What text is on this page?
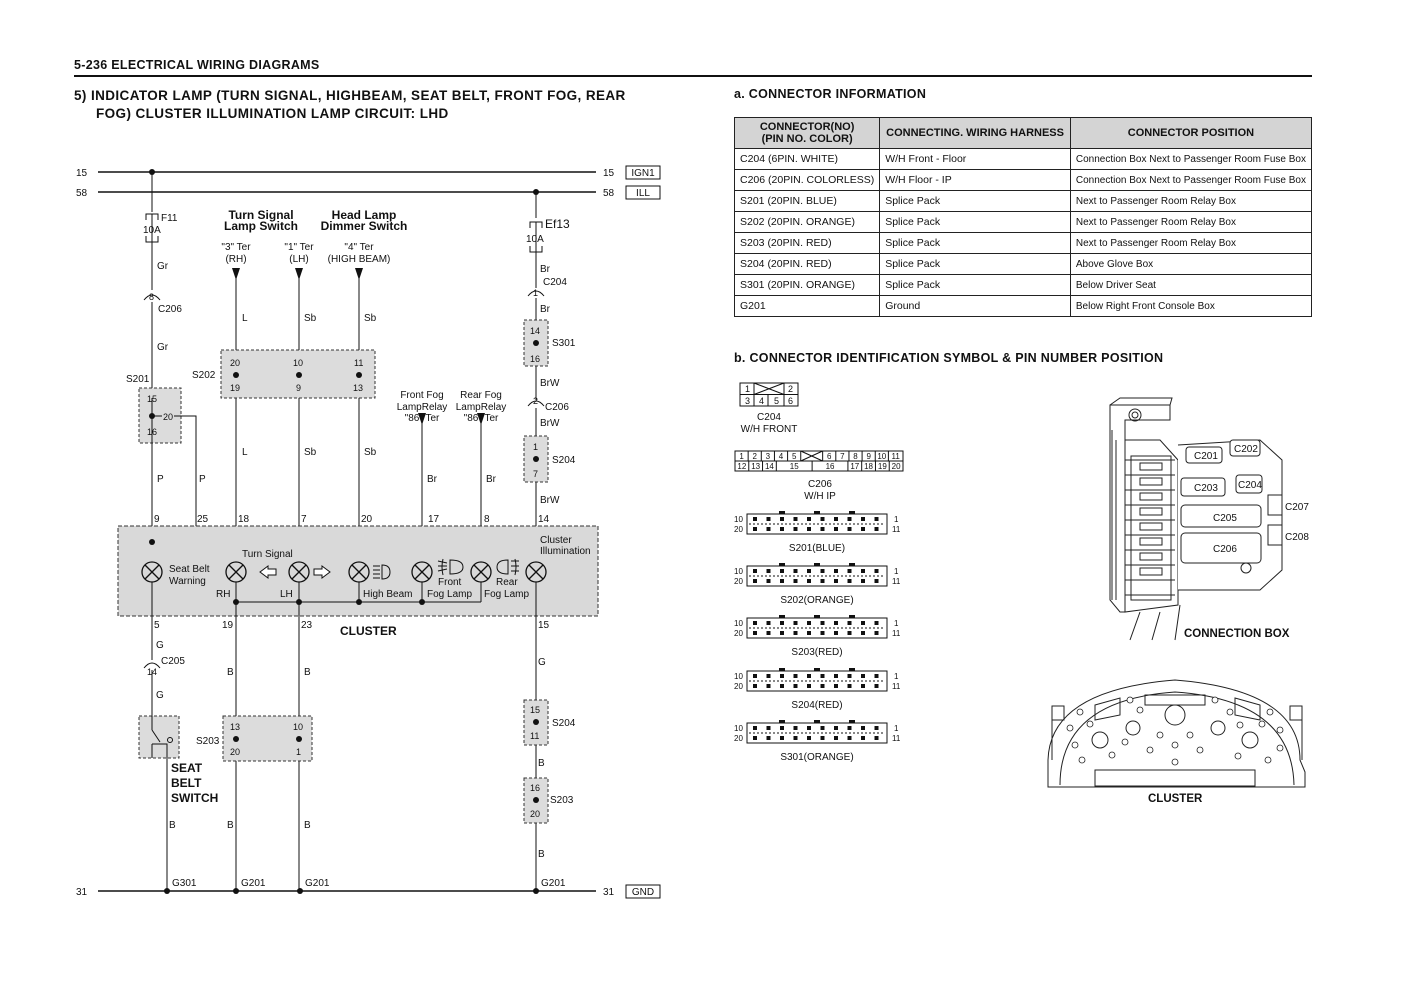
5-236 ELECTRICAL WIRING DIAGRAMS
5) INDICATOR LAMP (TURN SIGNAL, HIGHBEAM, SEAT BELT, FRONT FOG, REAR
FOG) CLUSTER ILLUMINATION LAMP CIRCUIT: LHD
a. CONNECTOR INFORMATION
CONNECTOR(NO)
(PIN NO. COLOR)	CONNECTING. WIRING HARNESS	CONNECTOR POSITION
C204 (6PIN. WHITE)	W/H Front - Floor	Connection Box Next to Passenger Room Fuse Box
C206 (20PIN. COLORLESS)	W/H Floor - IP	Connection Box Next to Passenger Room Fuse Box
S201 (20PIN. BLUE)	Splice Pack	Next to Passenger Room Relay Box
S202 (20PIN. ORANGE)	Splice Pack	Next to Passenger Room Relay Box
S203 (20PIN. RED)	Splice Pack	Next to Passenger Room Relay Box
S204 (20PIN. RED)	Splice Pack	Above Glove Box
S301 (20PIN. ORANGE)	Splice Pack	Below Driver Seat
G201	Ground	Below Right Front Console Box
b. CONNECTOR IDENTIFICATION SYMBOL & PIN NUMBER POSITION
15
58
31
15
58
31
IGN1
ILL
GND
F11
10A
Gr
8
C206
Gr
S201
15
16
20
P	P
Turn Signal
Lamp Switch
Head Lamp
Dimmer Switch
"3" Ter
(RH)
"1" Ter
(LH)
"4" Ter
(HIGH BEAM)
L	Sb	Sb
S202
20
19
10
9
11
13
L	Sb	Sb
Front Fog
LampRelay
"86" Ter
Rear Fog
LampRelay
"86" Ter
Br	Br
Ef13
10A
Br
1
C204
Br
14
16
S301
BrW
2
C206
BrW
1
7
S204
BrW
9	25	18	7	20	17	8	14
Seat Belt
Warning
Turn Signal
RH	LH	High Beam
Front
Fog Lamp
Rear
Fog Lamp
Cluster
Illumination
CLUSTER
5	19	23	15
G
C205
14
G
SEAT
BELT
SWITCH
B
G301
B	B
S203
13
20
10
1
B	B
G201	G201
G
15
11
S204
B
16
20
S203
B
G201
1	2
3 4 5 6
C204
W/H FRONT
1 2 3 4 5	6 7 8 9 10 11
12 13 14 15	16 17 18 19 20
C206
W/H IP
10
20
1
11
S201(BLUE)
10
20
1
11
S202(ORANGE)
10
20
1
11
S203(RED)
10
20
1
11
S204(RED)
10
20
1
11
S301(ORANGE)
C201
C202
C203 C204
C205
C206
C207
C208
CONNECTION BOX
CLUSTER
